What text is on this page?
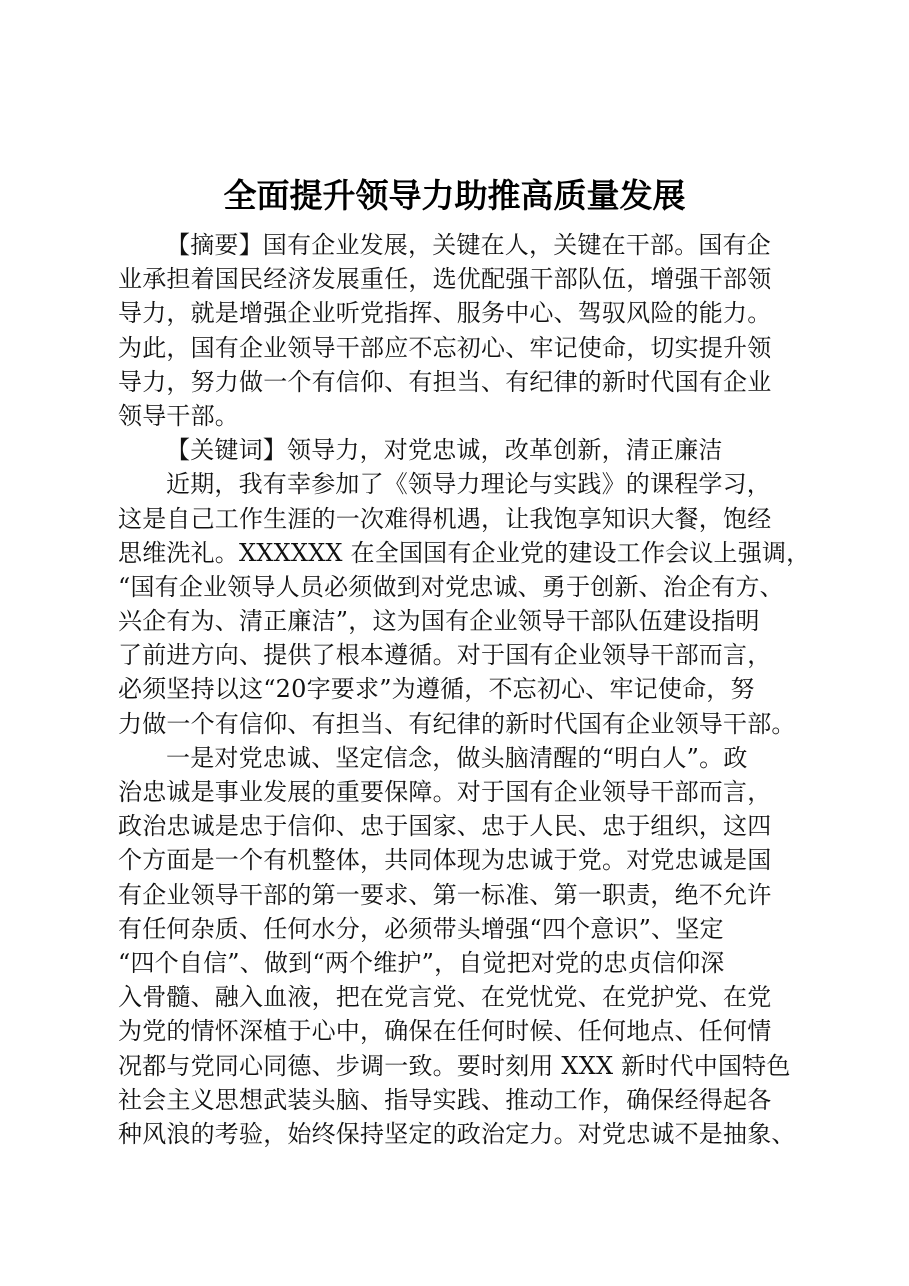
全面提升领导力助推高质量发展
【摘要】国有企业发展，关键在人，关键在干部。国有企
业承担着国民经济发展重任，选优配强干部队伍，增强干部领
导力，就是增强企业听党指挥、服务中心、驾驭风险的能力。
为此，国有企业领导干部应不忘初心、牢记使命，切实提升领
导力，努力做一个有信仰、有担当、有纪律的新时代国有企业
领导干部。
【关键词】领导力，对党忠诚，改革创新，清正廉洁
近期，我有幸参加了《领导力理论与实践》的课程学习，
这是自己工作生涯的一次难得机遇，让我饱享知识大餐，饱经
思维洗礼。XXXXXX 在全国国有企业党的建设工作会议上强调，
“国有企业领导人员必须做到对党忠诚、勇于创新、治企有方、
兴企有为、清正廉洁”，这为国有企业领导干部队伍建设指明
了前进方向、提供了根本遵循。对于国有企业领导干部而言，
必须坚持以这“20字要求”为遵循，不忘初心、牢记使命，努
力做一个有信仰、有担当、有纪律的新时代国有企业领导干部。
一是对党忠诚、坚定信念，做头脑清醒的“明白人”。政
治忠诚是事业发展的重要保障。对于国有企业领导干部而言，
政治忠诚是忠于信仰、忠于国家、忠于人民、忠于组织，这四
个方面是一个有机整体，共同体现为忠诚于党。对党忠诚是国
有企业领导干部的第一要求、第一标准、第一职责，绝不允许
有任何杂质、任何水分，必须带头增强“四个意识”、坚定
“四个自信”、做到“两个维护”，自觉把对党的忠贞信仰深
入骨髓、融入血液，把在党言党、在党忧党、在党护党、在党
为党的情怀深植于心中，确保在任何时候、任何地点、任何情
况都与党同心同德、步调一致。要时刻用 XXX 新时代中国特色
社会主义思想武装头脑、指导实践、推动工作，确保经得起各
种风浪的考验，始终保持坚定的政治定力。对党忠诚不是抽象、
